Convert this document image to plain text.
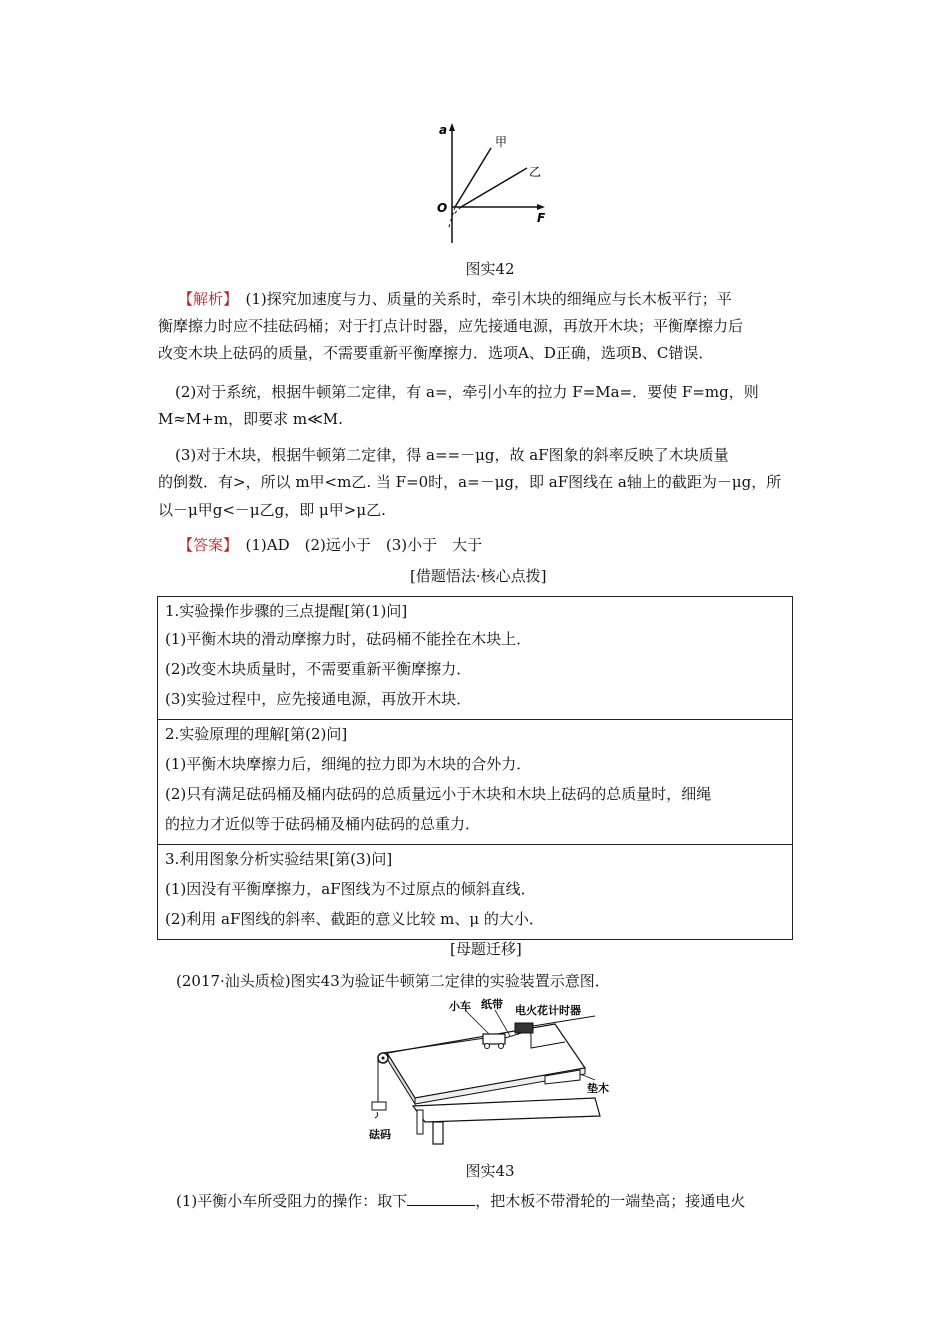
a
F
O
甲
乙
图实42
【解析】　 (1)探究加速度与力、质量的关系时，牵引木块的细绳应与长木板平行；平
衡摩擦力时应不挂砝码桶；对于打点计时器，应先接通电源，再放开木块；平衡摩擦力后
改变木块上砝码的质量，不需要重新平衡摩擦力．选项A、D正确，选项B、C错误．
(2)对于系统，根据牛顿第二定律，有 a=，牵引小车的拉力 F=Ma=．要使 F=mg，则
M≈M+m，即要求 m≪M.
(3)对于木块，根据牛顿第二定律，得 a==－μg，故 aF图象的斜率反映了木块质量
的倒数．有>，所以 m甲<m乙. 当 F=0时，a=－μg，即 aF图线在 a轴上的截距为－μg，所
以－μ甲g<－μ乙g，即 μ甲>μ乙.
【答案】　 (1)AD　(2)远小于　(3)小于　大于
[借题悟法·核心点拨]
1.实验操作步骤的三点提醒[第(1)问]
(1)平衡木块的滑动摩擦力时，砝码桶不能拴在木块上．
(2)改变木块质量时，不需要重新平衡摩擦力．
(3)实验过程中，应先接通电源，再放开木块．
2.实验原理的理解[第(2)问]
(1)平衡木块摩擦力后，细绳的拉力即为木块的合外力．
(2)只有满足砝码桶及桶内砝码的总质量远小于木块和木块上砝码的总质量时，细绳
的拉力才近似等于砝码桶及桶内砝码的总重力．
3.利用图象分析实验结果[第(3)问]
(1)因没有平衡摩擦力，aF图线为不过原点的倾斜直线．
(2)利用 aF图线的斜率、截距的意义比较 m、μ 的大小．
[母题迁移]
(2017·汕头质检)图实43为验证牛顿第二定律的实验装置示意图．
小车 纸带 电火花计时器
垫木
砝码
图实43
(1)平衡小车所受阻力的操作：取下	，把木板不带滑轮的一端垫高；接通电火
